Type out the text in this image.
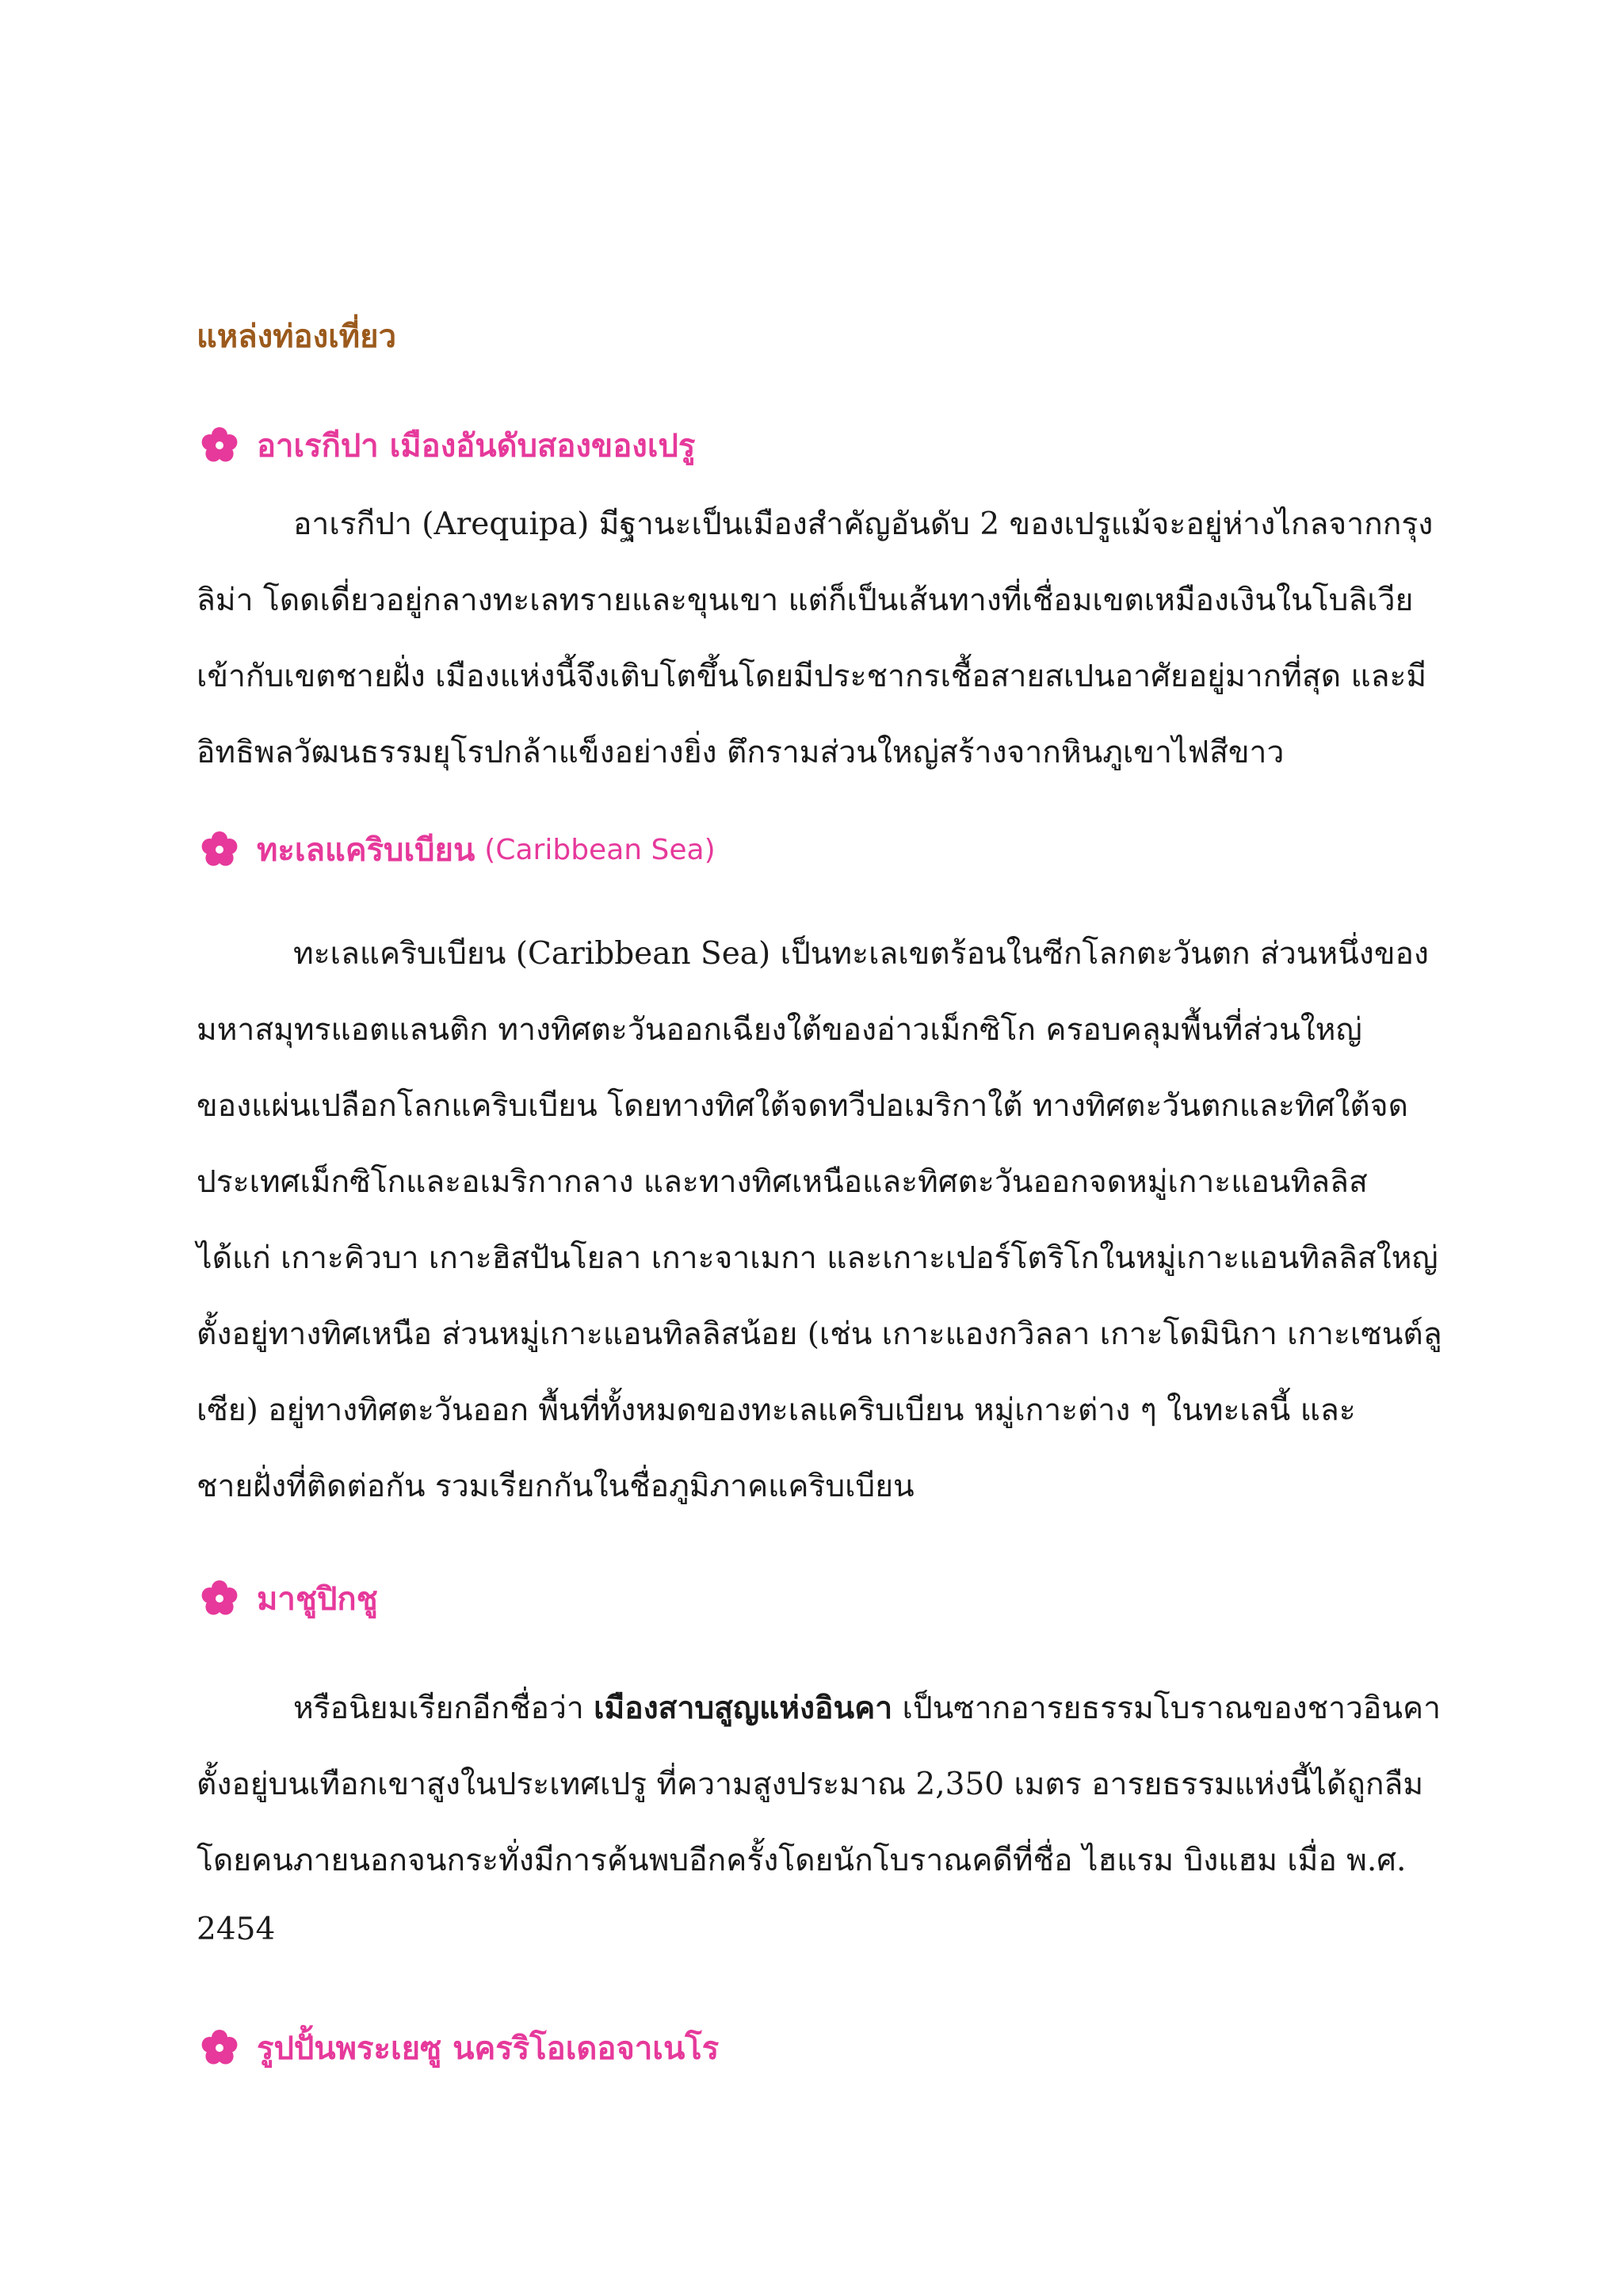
แหล่งท่องเที่ยว
อาเรกีปา เมืองอันดับสองของเปรู
อาเรกีปา (Arequipa) มีฐานะเป็นเมืองสำคัญอันดับ 2 ของเปรูแม้จะอยู่ห่างไกลจากกรุง
ลิม่า โดดเดี่ยวอยู่กลางทะเลทรายและขุนเขา แต่ก็เป็นเส้นทางที่เชื่อมเขตเหมืองเงินในโบลิเวีย
เข้ากับเขตชายฝั่ง เมืองแห่งนี้จึงเติบโตขึ้นโดยมีประชากรเชื้อสายสเปนอาศัยอยู่มากที่สุด และมี
อิทธิพลวัฒนธรรมยุโรปกล้าแข็งอย่างยิ่ง ตึกรามส่วนใหญ่สร้างจากหินภูเขาไฟสีขาว
ทะเลแคริบเบียน (Caribbean Sea)
ทะเลแคริบเบียน (Caribbean Sea) เป็นทะเลเขตร้อนในซีกโลกตะวันตก ส่วนหนึ่งของ
มหาสมุทรแอตแลนติก ทางทิศตะวันออกเฉียงใต้ของอ่าวเม็กซิโก ครอบคลุมพื้นที่ส่วนใหญ่
ของแผ่นเปลือกโลกแคริบเบียน โดยทางทิศใต้จดทวีปอเมริกาใต้ ทางทิศตะวันตกและทิศใต้จด
ประเทศเม็กซิโกและอเมริกากลาง และทางทิศเหนือและทิศตะวันออกจดหมู่เกาะแอนทิลลิส
ได้แก่ เกาะคิวบา เกาะฮิสปันโยลา เกาะจาเมกา และเกาะเปอร์โตริโกในหมู่เกาะแอนทิลลิสใหญ่
ตั้งอยู่ทางทิศเหนือ ส่วนหมู่เกาะแอนทิลลิสน้อย (เช่น เกาะแองกวิลลา เกาะโดมินิกา เกาะเซนต์ลู
เซีย) อยู่ทางทิศตะวันออก พื้นที่ทั้งหมดของทะเลแคริบเบียน หมู่เกาะต่าง ๆ ในทะเลนี้ และ
ชายฝั่งที่ติดต่อกัน รวมเรียกกันในชื่อภูมิภาคแคริบเบียน
มาชูปิกชู
หรือนิยมเรียกอีกชื่อว่า เมืองสาบสูญแห่งอินคา เป็นซากอารยธรรมโบราณของชาวอินคา
ตั้งอยู่บนเทือกเขาสูงในประเทศเปรู ที่ความสูงประมาณ 2,350 เมตร อารยธรรมแห่งนี้ได้ถูกลืม
โดยคนภายนอกจนกระทั่งมีการค้นพบอีกครั้งโดยนักโบราณคดีที่ชื่อ ไฮแรม บิงแฮม เมื่อ พ.ศ.
2454
รูปปั้นพระเยซู นครริโอเดอจาเนโร
